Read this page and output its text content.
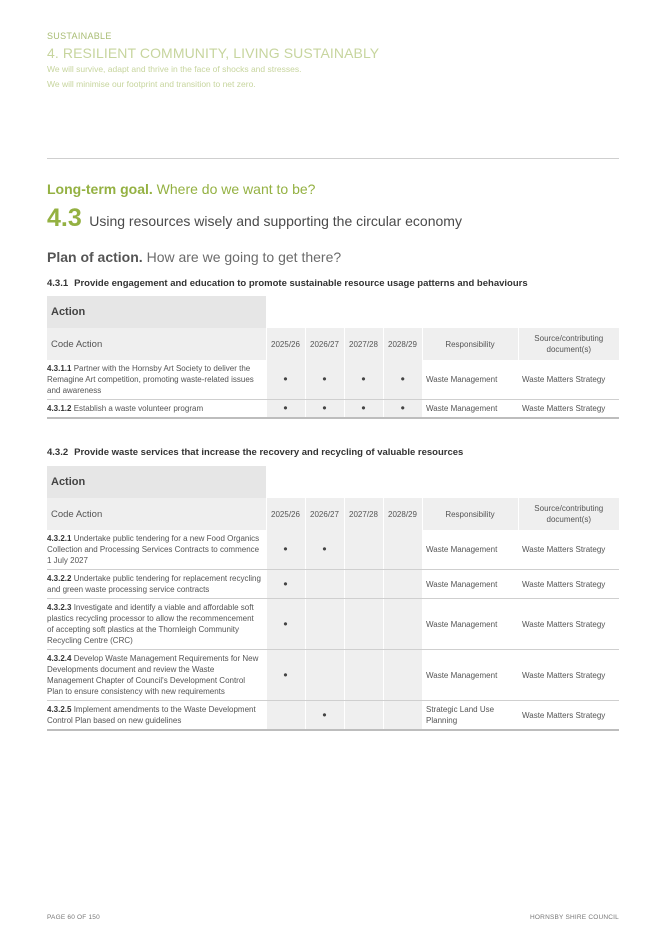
SUSTAINABLE
4. RESILIENT COMMUNITY, LIVING SUSTAINABLY
We will survive, adapt and thrive in the face of shocks and stresses.
We will minimise our footprint and transition to net zero.
Long-term goal. Where do we want to be?
4.3 Using resources wisely and supporting the circular economy
Plan of action. How are we going to get there?
4.3.1 Provide engagement and education to promote sustainable resource usage patterns and behaviours
Action						
Code Action	2025/26	2026/27	2027/28	2028/29	Responsibility	Source/contributing document(s)
4.3.1.1 Partner with the Hornsby Art Society to deliver the Remagine Art competition, promoting waste-related issues and awareness	•	•	•	•	Waste Management	Waste Matters Strategy
4.3.1.2 Establish a waste volunteer program	•	•	•	•	Waste Management	Waste Matters Strategy
4.3.2 Provide waste services that increase the recovery and recycling of valuable resources
Action						
Code Action	2025/26	2026/27	2027/28	2028/29	Responsibility	Source/contributing document(s)
4.3.2.1 Undertake public tendering for a new Food Organics Collection and Processing Services Contracts to commence 1 July 2027	•	•			Waste Management	Waste Matters Strategy
4.3.2.2 Undertake public tendering for replacement recycling and green waste processing service contracts	•				Waste Management	Waste Matters Strategy
4.3.2.3 Investigate and identify a viable and affordable soft plastics recycling processor to allow the recommencement of accepting soft plastics at the Thornleigh Community Recycling Centre (CRC)	•				Waste Management	Waste Matters Strategy
4.3.2.4 Develop Waste Management Requirements for New Developments document and review the Waste Management Chapter of Council's Development Control Plan to ensure consistency with new requirements	•				Waste Management	Waste Matters Strategy
4.3.2.5 Implement amendments to the Waste Development Control Plan based on new guidelines		•			Strategic Land Use Planning	Waste Matters Strategy
PAGE 60 OF 150	HORNSBY SHIRE COUNCIL
